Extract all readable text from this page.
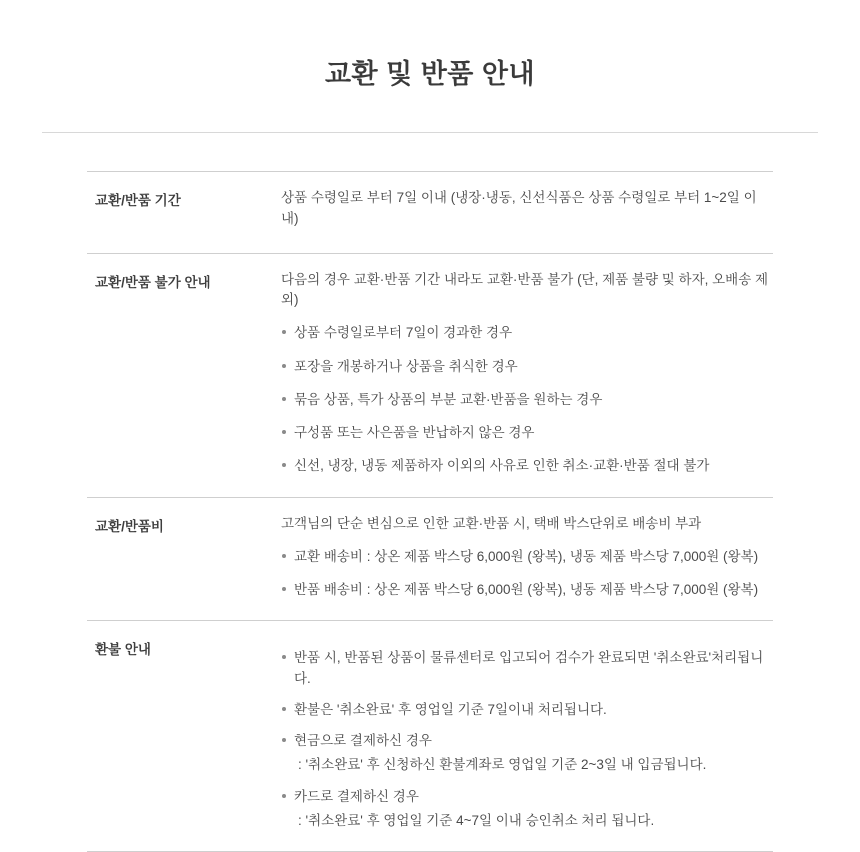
교환 및 반품 안내
교환/반품 기간	상품 수령일로 부터 7일 이내 (냉장·냉동, 신선식품은 상품 수령일로 부터 1~2일 이내)

교환/반품 불가 안내	다음의 경우 교환·반품 기간 내라도 교환·반품 불가 (단, 제품 불량 및 하자, 오배송 제외)

상품 수령일로부터 7일이 경과한 경우
포장을 개봉하거나 상품을 취식한 경우
묶음 상품, 특가 상품의 부분 교환·반품을 원하는 경우
구성품 또는 사은품을 반납하지 않은 경우
신선, 냉장, 냉동 제품하자 이외의 사유로 인한 취소·교환·반품 절대 불가

교환/반품비	고객님의 단순 변심으로 인한 교환·반품 시, 택배 박스단위로 배송비 부과

교환 배송비 : 상온 제품 박스당 6,000원 (왕복), 냉동 제품 박스당 7,000원 (왕복)
반품 배송비 : 상온 제품 박스당 6,000원 (왕복), 냉동 제품 박스당 7,000원 (왕복)

환불 안내	
반품 시, 반품된 상품이 물류센터로 입고되어 검수가 완료되면 '취소완료'처리됩니다.
환불은 '취소완료' 후 영업일 기준 7일이내 처리됩니다.
현금으로 결제하신 경우
: '취소완료' 후 신청하신 환불계좌로 영업일 기준 2~3일 내 입금됩니다.
카드로 결제하신 경우
: '취소완료' 후 영업일 기준 4~7일 이내 승인취소 처리 됩니다.
